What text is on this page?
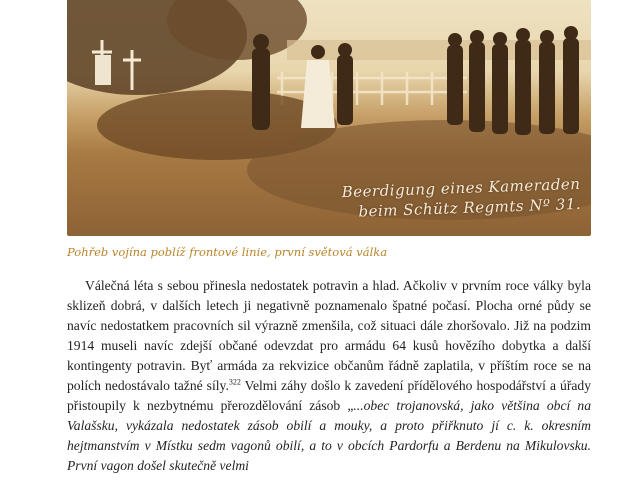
Beerdigung eines Kameraden
beim Schütz Regmts Nº 31.
Pohřeb vojína poblíž frontové linie, první světová válka

Válečná léta s sebou přinesla nedostatek potravin a hlad. Ačkoliv v prvním roce války byla sklizeň dobrá, v dalších letech ji negativně poznamenalo špatné počasí. Plocha orné půdy se navíc nedostatkem pracovních sil výrazně zmenšila, což situaci dále zhoršovalo. Již na podzim 1914 museli navíc zdejší občané odevzdat pro armádu 64 kusů hovězího dobytka a další kontingenty potravin. Byť armáda za rekvizice občanům řádně zaplatila, v příštím roce se na polích nedostávalo tažné síly.$^{322}$ Velmi záhy došlo k zavedení přídělového hospodářství a úřady přistoupily k nezbytnému přerozdělování zásob „...obec trojanovská, jako většina obcí na Valašsku, vykázala nedostatek zásob obilí a mouky, a proto přiřknuto jí c. k. okresním hejtmanstvím v Místku sedm vagonů obilí, a to v obcích Pardorfu a Berdenu na Mikulovsku. První vagon došel skutečně velmi
